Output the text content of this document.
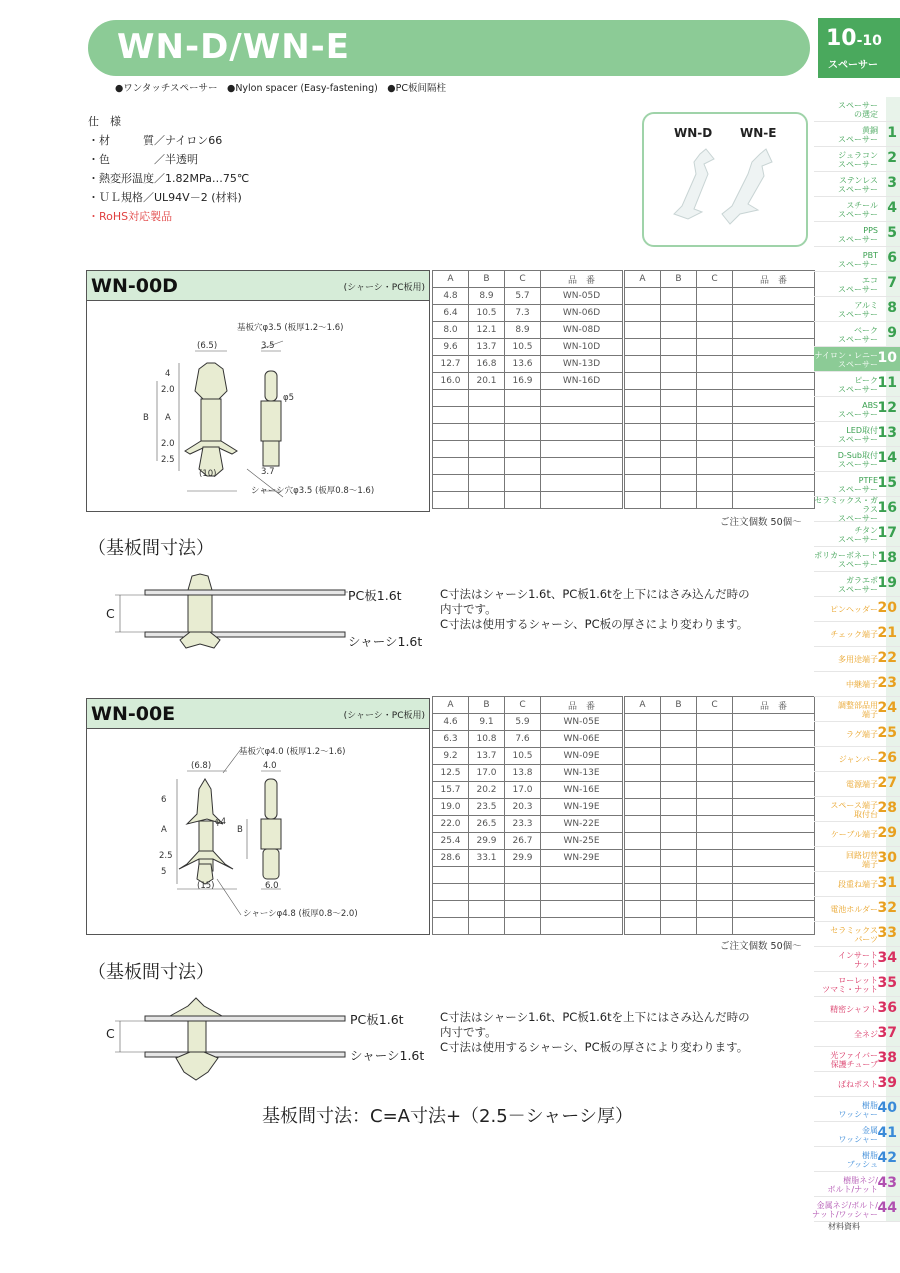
WN-D/WN-E	10-10
スペーサー
●ワンタッチスペーサー　●Nylon spacer (Easy-fastening)　●PC板间隔柱
仕　様
・材　　　質／ナイロン66
・色　　　　／半透明
・熱変形温度／1.82MPa…75℃
・ＵＬ規格／UL94V－2 (材料)
・RoHS対応製品
WN-D WN-E
WN-00D	(シャーシ・PC板用)
基板穴φ3.5 (板厚1.2～1.6)
(6.5)	3.5
φ5
4
2.0
A
B
2.0
2.5
(10)	3.7
シャーシ穴φ3.5 (板厚0.8～1.6)
A	B	C	品　番
4.8	8.9	5.7	WN-05D
6.4	10.5	7.3	WN-06D
8.0	12.1	8.9	WN-08D
9.6	13.7	10.5	WN-10D
12.7	16.8	13.6	WN-13D
16.0	20.1	16.9	WN-16D

A	B	C	品　番

ご注文個数 50個～
（基板間寸法）
C
PC板1.6t
シャーシ1.6t
C寸法はシャーシ1.6t、PC板1.6tを上下にはさみ込んだ時の
内寸です。
C寸法は使用するシャーシ、PC板の厚さにより変わります。
WN-00E	(シャーシ・PC板用)
基板穴φ4.0 (板厚1.2～1.6)
(6.8)	4.0
φ4
6
A	B
2.5
5
(15)	6.0
シャーシφ4.8 (板厚0.8～2.0)
A	B	C	品　番
4.6	9.1	5.9	WN-05E
6.3	10.8	7.6	WN-06E
9.2	13.7	10.5	WN-09E
12.5	17.0	13.8	WN-13E
15.7	20.2	17.0	WN-16E
19.0	23.5	20.3	WN-19E
22.0	26.5	23.3	WN-22E
25.4	29.9	26.7	WN-25E
28.6	33.1	29.9	WN-29E

A	B	C	品　番

ご注文個数 50個～
（基板間寸法）
C
PC板1.6t
シャーシ1.6t
C寸法はシャーシ1.6t、PC板1.6tを上下にはさみ込んだ時の
内寸です。
C寸法は使用するシャーシ、PC板の厚さにより変わります。
基板間寸法：C=A寸法+（2.5－シャーシ厚）
スペーサー
の選定
黄銅
スペーサー 1
ジュラコン
スペーサー 2
ステンレス
スペーサー 3
スチール
スペーサー 4
PPS
スペーサー 5
PBT
スペーサー 6
エコ
スペーサー 7
アルミ
スペーサー 8
ベーク
スペーサー 9
ナイロン・レニー
スペーサー 10
ピーク
スペーサー 11
ABS
スペーサー 12
LED取付
スペーサー 13
D-Sub取付
スペーサー 14
PTFE
スペーサー 15
セラミックス・ガラス
スペーサー
16
チタン
スペーサー 17
ポリカーボネート
スペーサー 18
ガラエポ
スペーサー 19
ピンヘッダー 20
チェック端子 21
多用途端子 22
中継端子 23
調整部品用
端子 24
ラグ端子 25
ジャンパー 26
電源端子 27
スペース端子
取付台 28
ケーブル端子 29
回路切替
端子 30
段重ね端子 31
電池ホルダー 32
セラミックス
パーツ 33
インサート
ナット 34
ローレット
ツマミ・ナット 35
精密シャフト 36
全ネジ 37
光ファイバー
保護チューブ 38
ばねポスト 39
樹脂
ワッシャー 40
金属
ワッシャー 41
樹脂
ブッシュ 42
樹脂ネジ/
ボルト/ナット 43
金属ネジ/ボルト/
ナット/ワッシャー 44
材料資料
